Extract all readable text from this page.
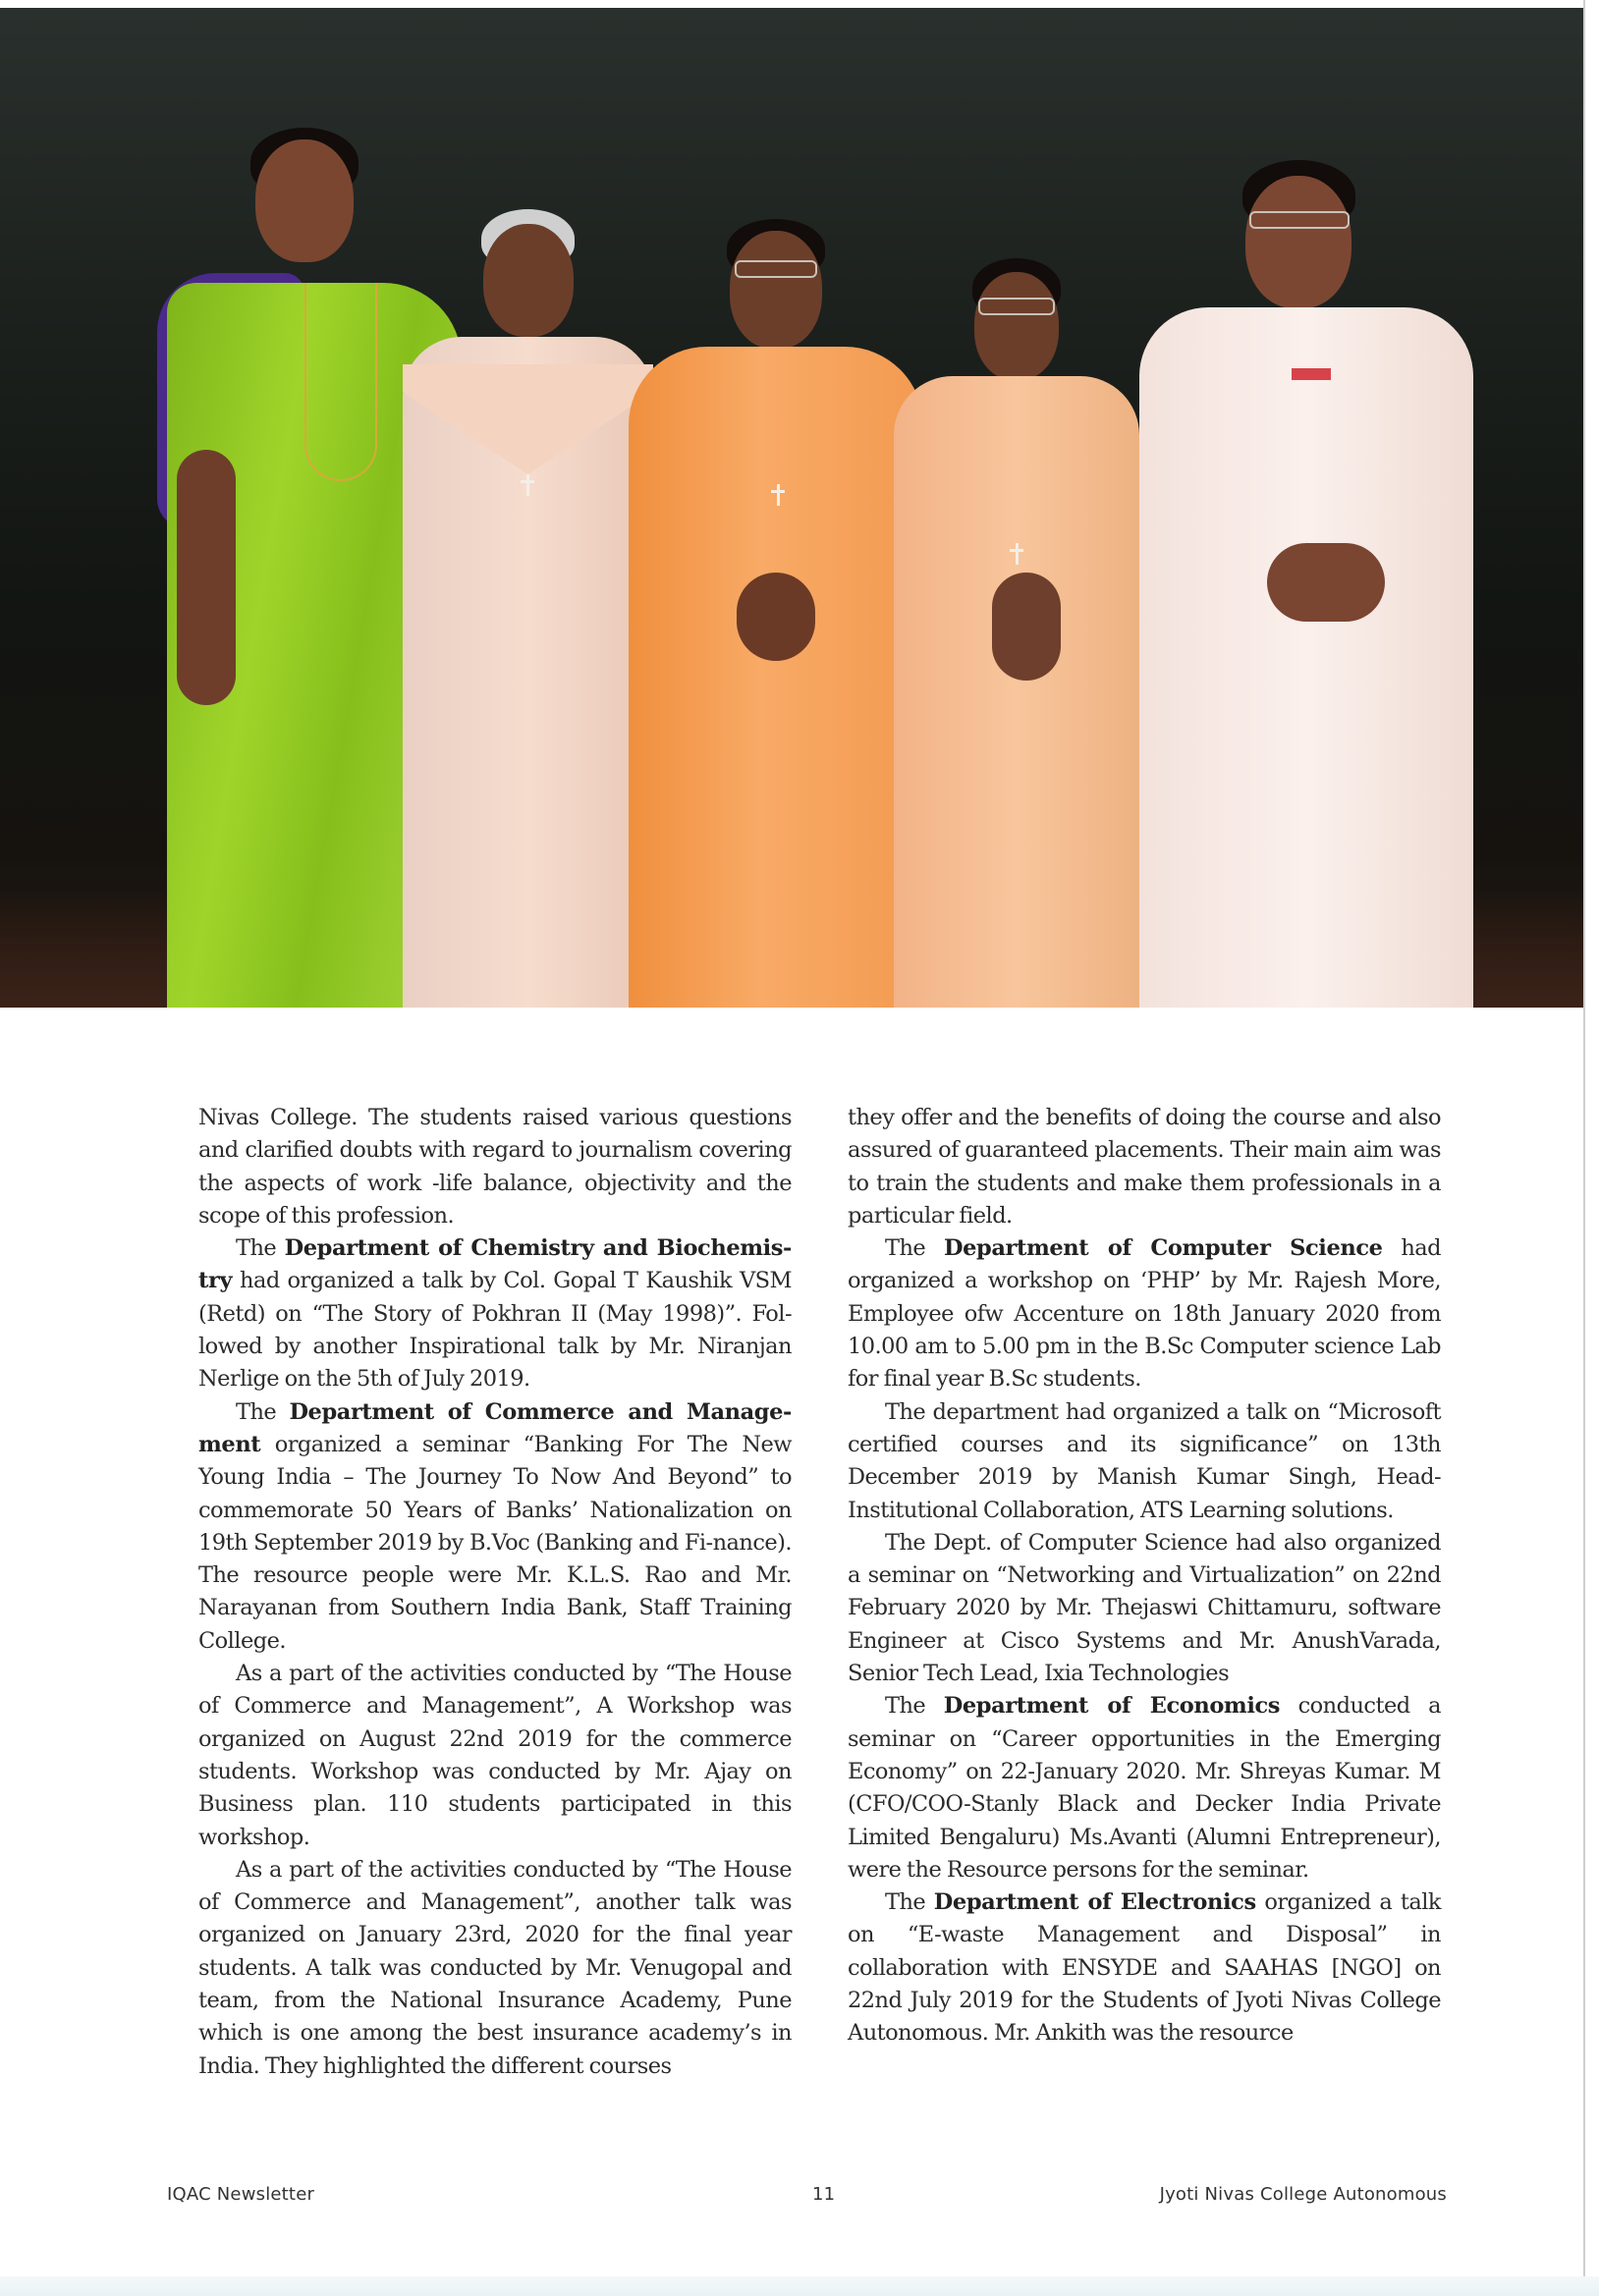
Nivas College. The students raised various questions and clarified doubts with regard to journalism covering the aspects of work -life balance, objectivity and the scope of this profession.

The Department of Chemistry and Biochemis-try had organized a talk by Col. Gopal T Kaushik VSM (Retd) on “The Story of Pokhran II (May 1998)”. Fol-lowed by another Inspirational talk by Mr. Niranjan Nerlige on the 5th of July 2019.

The Department of Commerce and Manage-ment organized a seminar “Banking For The New Young India – The Journey To Now And Beyond” to commemorate 50 Years of Banks’ Nationalization on 19th September 2019 by B.Voc (Banking and Fi-nance). The resource people were Mr. K.L.S. Rao and Mr. Narayanan from Southern India Bank, Staff Training College.

As a part of the activities conducted by “The House of Commerce and Management”, A Workshop was organized on August 22nd 2019 for the commerce students. Workshop was conducted by Mr. Ajay on Business plan. 110 students participated in this workshop.

As a part of the activities conducted by “The House of Commerce and Management”, another talk was organized on January 23rd, 2020 for the final year students. A talk was conducted by Mr. Venugopal and team, from the National Insurance Academy, Pune which is one among the best insurance academy’s in India. They highlighted the different courses

they offer and the benefits of doing the course and also assured of guaranteed placements. Their main aim was to train the students and make them professionals in a particular field.

The Department of Computer Science had organized a workshop on ‘PHP’ by Mr. Rajesh More, Employee ofw Accenture on 18th January 2020 from 10.00 am to 5.00 pm in the B.Sc Computer science Lab for final year B.Sc students.

The department had organized a talk on “Microsoft certified courses and its significance” on 13th December 2019 by Manish Kumar Singh, Head-Institutional Collaboration, ATS Learning solutions.

The Dept. of Computer Science had also organized a seminar on “Networking and Virtualization” on 22nd February 2020 by Mr. Thejaswi Chittamuru, software Engineer at Cisco Systems and Mr. AnushVarada, Senior Tech Lead, Ixia Technologies

The Department of Economics conducted a seminar on “Career opportunities in the Emerging Economy” on 22-January 2020. Mr. Shreyas Kumar. M (CFO/COO-Stanly Black and Decker India Private Limited Bengaluru) Ms.Avanti (Alumni Entrepreneur), were the Resource persons for the seminar.

The Department of Electronics organized a talk on “E-waste Management and Disposal” in collaboration with ENSYDE and SAAHAS [NGO] on 22nd July 2019 for the Students of Jyoti Nivas College Autonomous. Mr. Ankith was the resource

IQAC Newsletter	11	Jyoti Nivas College Autonomous
